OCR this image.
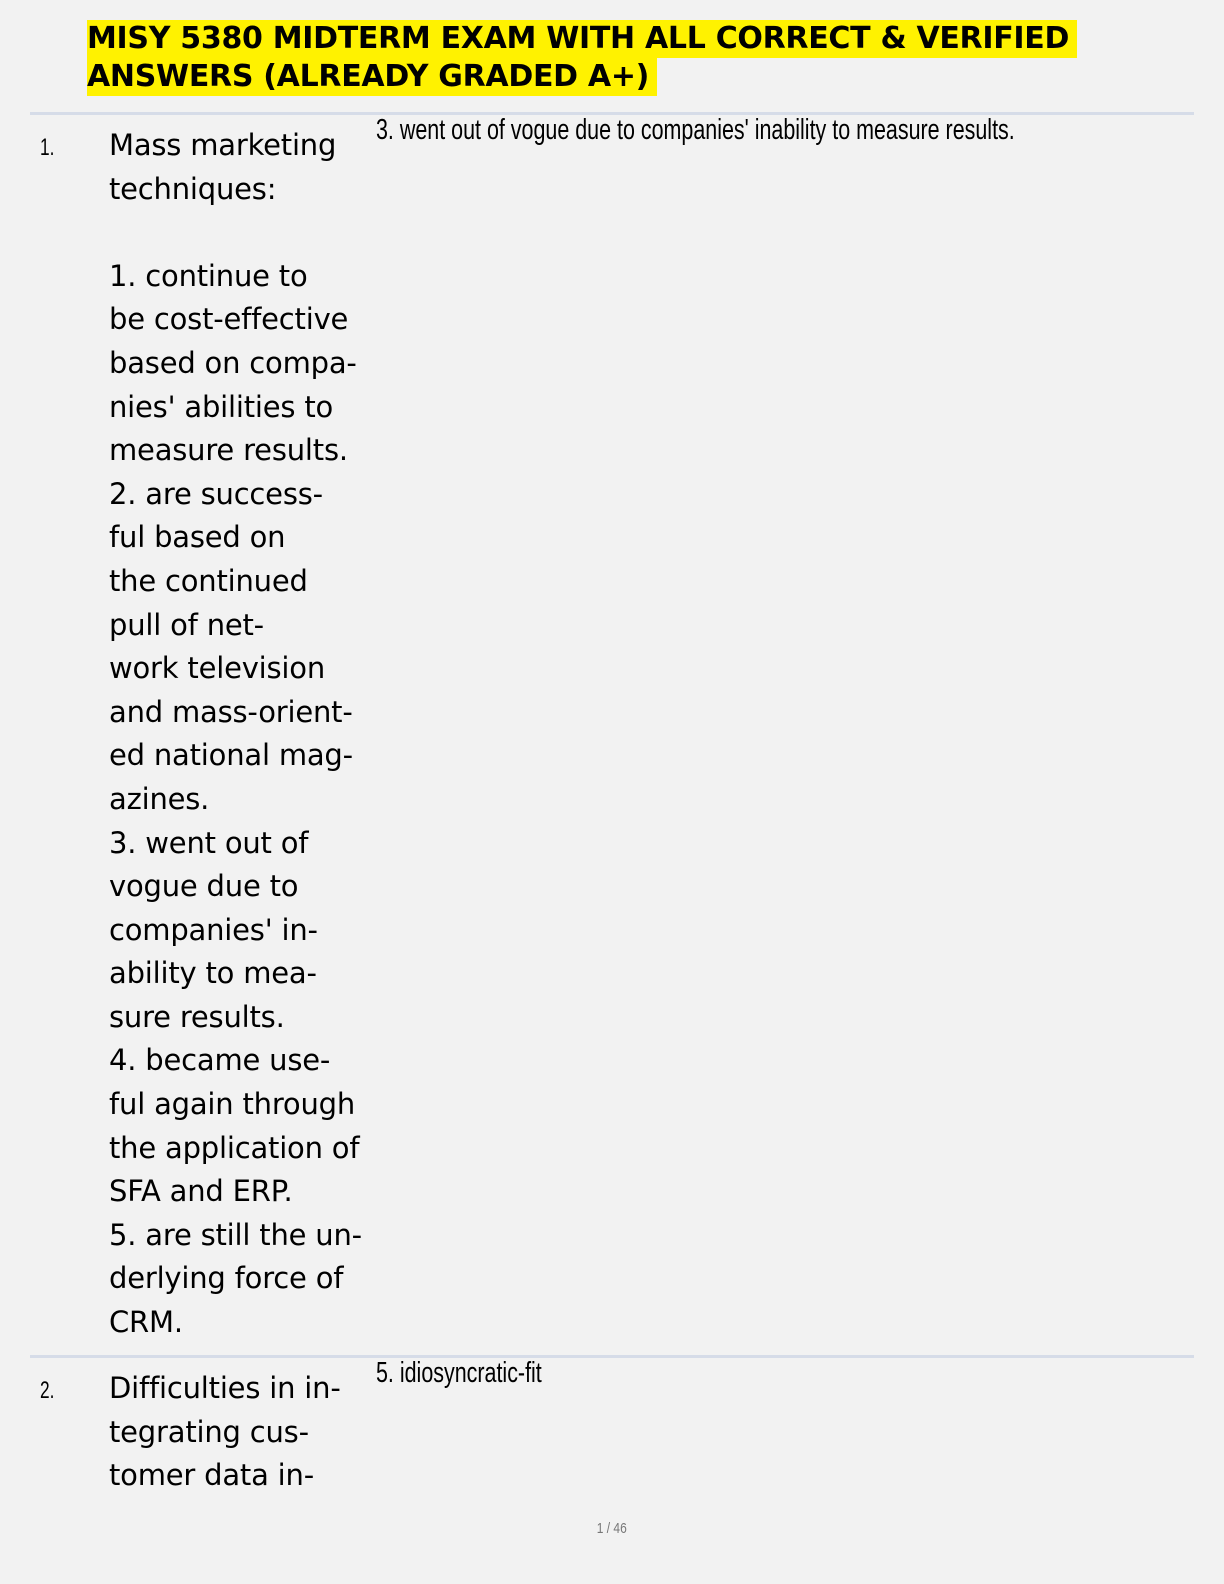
MISY 5380 MIDTERM EXAM WITH ALL CORRECT & VERIFIED
ANSWERS (ALREADY GRADED A+)
1. Mass marketing
techniques:

1. continue to
be cost-effective
based on compa-
nies' abilities to
measure results.
2. are success-
ful based on
the continued
pull of net-
work television
and mass-orient-
ed national mag-
azines.
3. went out of
vogue due to
companies' in-
ability to mea-
sure results.
4. became use-
ful again through
the application of
SFA and ERP.
5. are still the un-
derlying force of
CRM.

3. went out of vogue due to companies' inability to measure results.
2. Difficulties in in-
tegrating cus-
tomer data in-

5. idiosyncratic-fit
1 / 46
